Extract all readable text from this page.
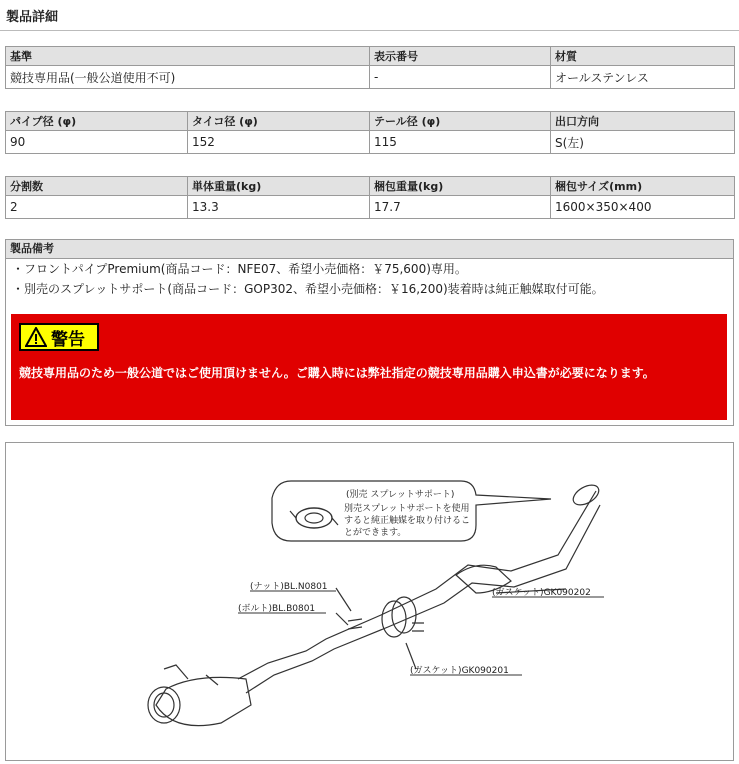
製品詳細
基準	表示番号	材質
競技専用品(一般公道使用不可)	-	オールステンレス
パイプ径 (φ)	タイコ径 (φ)	テール径 (φ)	出口方向
90	152	115	S(左)
分割数	単体重量(kg)	梱包重量(kg)	梱包サイズ(mm)
2	13.3	17.7	1600×350×400
製品備考
・フロントパイプPremium(商品コード：NFE07、希望小売価格：￥75,600)専用。
・別売のスプレットサポート(商品コード：GOP302、希望小売価格：￥16,200)装着時は純正触媒取付可能。
警告
競技専用品のため一般公道ではご使用頂けません。ご購入時には弊社指定の競技専用品購入申込書が必要になります。
(別売 スプレットサポート)
別売スプレットサポートを使用
すると純正触媒を取り付けるこ
とができます。
(ナット)BL.N0801
(ボルト)BL.B0801
(ガスケット)GK090202
(ガスケット)GK090201
